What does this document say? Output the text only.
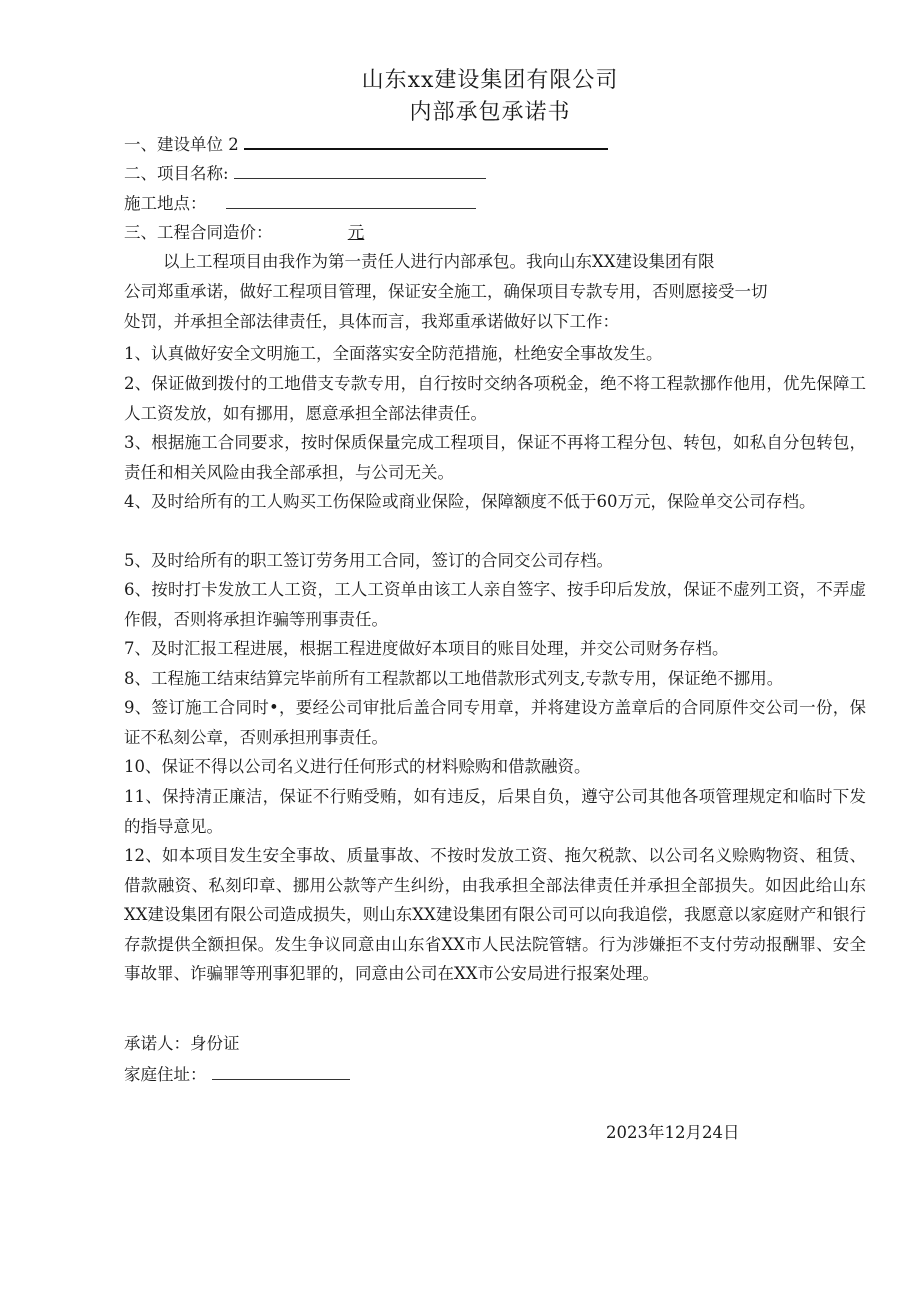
山东xx建设集团有限公司
内部承包承诺书
一、建设单位 2
二、项目名称:
施工地点：
三、工程合同造价：	元
以上工程项目由我作为第一责任人进行内部承包。我向山东XX建设集团有限
公司郑重承诺，做好工程项目管理，保证安全施工，确保项目专款专用，否则愿接受一切
处罚，并承担全部法律责任，具体而言，我郑重承诺做好以下工作：
1、认真做好安全文明施工，全面落实安全防范措施，杜绝安全事故发生。
2、保证做到拨付的工地借支专款专用，自行按时交纳各项税金，绝不将工程款挪作他用，优先保障工人工资发放，如有挪用，愿意承担全部法律责任。
3、根据施工合同要求，按时保质保量完成工程项目，保证不再将工程分包、转包，如私自分包转包，责任和相关风险由我全部承担，与公司无关。
4、及时给所有的工人购买工伤保险或商业保险，保障额度不低于60万元，保险单交公司存档。
5、及时给所有的职工签订劳务用工合同，签订的合同交公司存档。
6、按时打卡发放工人工资，工人工资单由该工人亲自签字、按手印后发放，保证不虚列工资，不弄虚作假，否则将承担诈骗等刑事责任。
7、及时汇报工程进展，根据工程进度做好本项目的账目处理，并交公司财务存档。
8、工程施工结束结算完毕前所有工程款都以工地借款形式列支,专款专用，保证绝不挪用。
9、签订施工合同时•，要经公司审批后盖合同专用章，并将建设方盖章后的合同原件交公司一份，保证不私刻公章，否则承担刑事责任。
10、保证不得以公司名义进行任何形式的材料赊购和借款融资。
11、保持清正廉洁，保证不行贿受贿，如有违反，后果自负，遵守公司其他各项管理规定和临时下发的指导意见。
12、如本项目发生安全事故、质量事故、不按时发放工资、拖欠税款、以公司名义赊购物资、租赁、借款融资、私刻印章、挪用公款等产生纠纷，由我承担全部法律责任并承担全部损失。如因此给山东XX建设集团有限公司造成损失，则山东XX建设集团有限公司可以向我追偿，我愿意以家庭财产和银行存款提供全额担保。发生争议同意由山东省XX市人民法院管辖。行为涉嫌拒不支付劳动报酬罪、安全事故罪、诈骗罪等刑事犯罪的，同意由公司在XX市公安局进行报案处理。
承诺人：身份证
家庭住址：
2023年12月24日
